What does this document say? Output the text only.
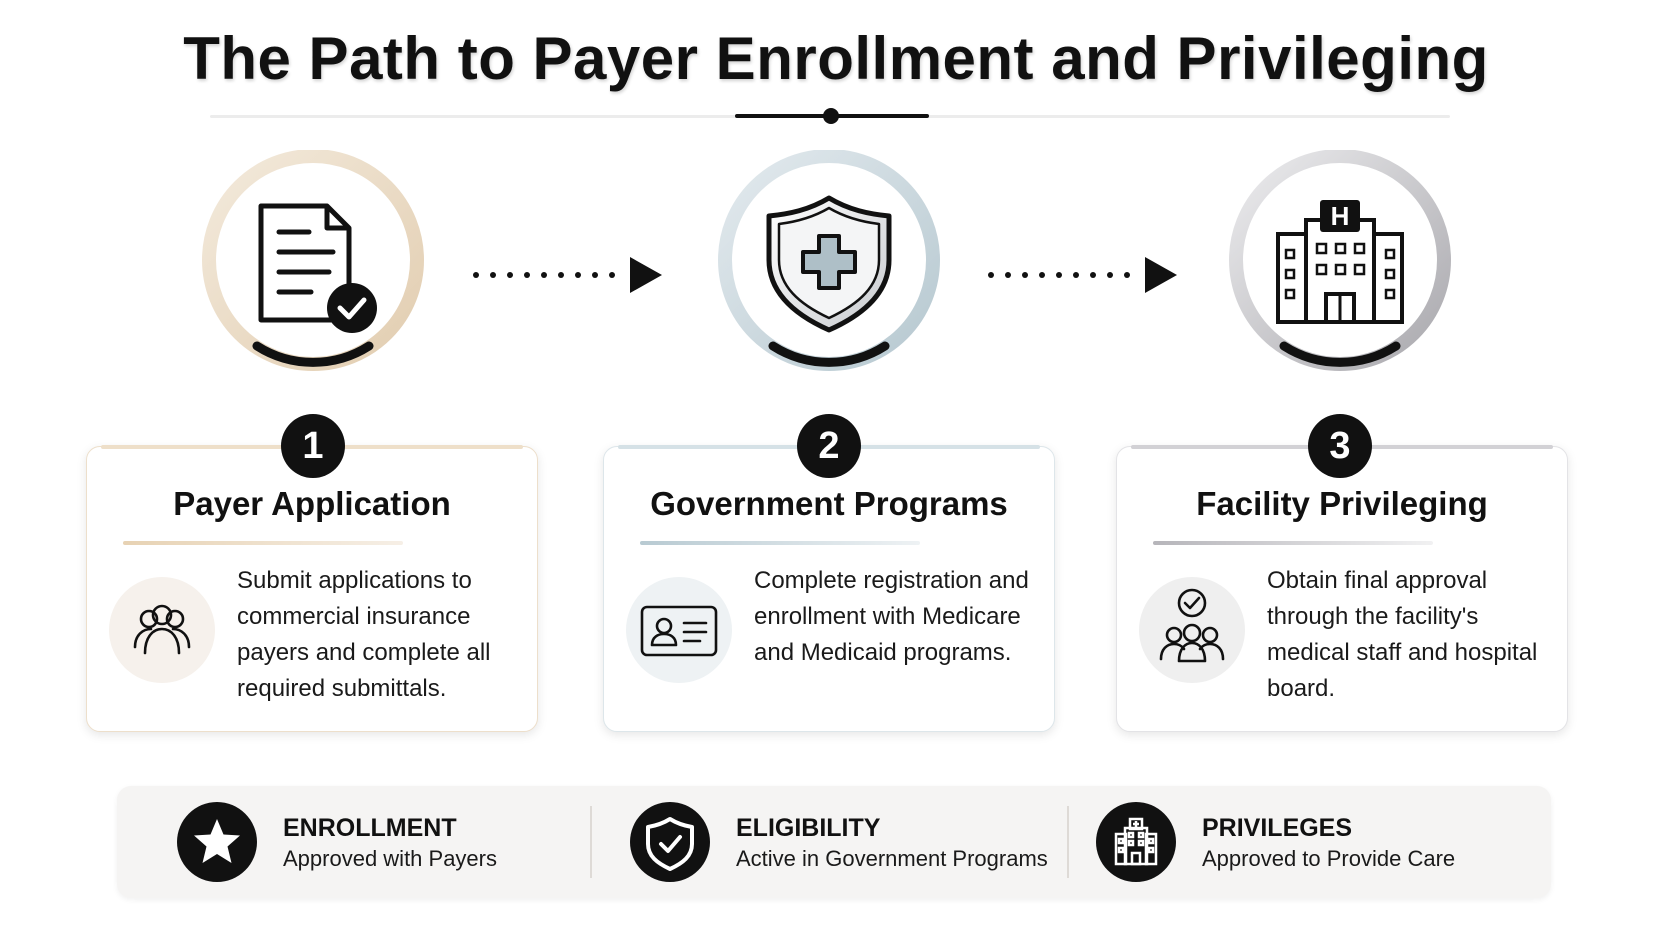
The Path to Payer Enrollment and Privileging
H
1	2	3
Payer Application
Submit applications to commercial insurance payers and complete all required submittals.
Government Programs
Complete registration and enrollment with Medicare and Medicaid programs.
Facility Privileging
Obtain final approval through the facility's medical staff and hospital board.
ENROLLMENT
Approved with Payers
ELIGIBILITY
Active in Government Programs
PRIVILEGES
Approved to Provide Care
